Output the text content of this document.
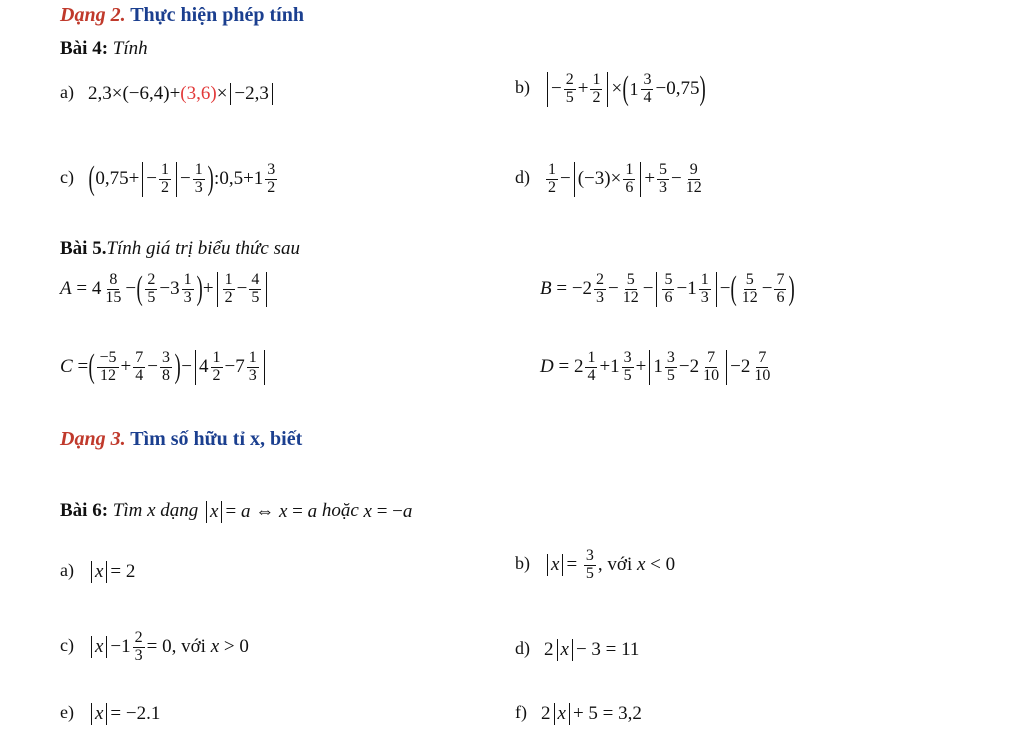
Dạng 2. Thực hiện phép tính
Bài 4: Tính
a) 2,3×(−6,4)+ (3,6) × −2,3	$b) - \frac{2}{5} + \frac{1}{2}$ × ( $1 \frac{3}{4} -0,75$ )
c) ( $0,75+ - \frac{1}{2} - \frac{1}{3}$ ) :0,5+1 $\frac{3}{2}$	$d) \frac{1}{2} - (-3)\times \frac{1}{6} + \frac{5}{3} - \frac{9}{12}$
Bài 5.Tính giá trị biểu thức sau
$A = 4 \frac{8}{15}$ − ( $\frac{2}{5} -3 \frac{1}{3}$ ) + $\frac{1}{2} - \frac{4}{5}$	$B = -2 \frac{2}{3} - \frac{5}{12} - \frac{5}{6} -1 \frac{1}{3}$ − ( $\frac{5}{12} - \frac{7}{6}$ )
C = ( $\frac{-5}{12} + \frac{7}{4} - \frac{3}{8}$ ) − $4 \frac{1}{2} -7 \frac{1}{3}$	$D = 2 \frac{1}{4} +1 \frac{3}{5} + 1 \frac{3}{5} -2 \frac{7}{10} -2 \frac{7}{10}$
Dạng 3. Tìm số hữu tỉ x, biết
Bài 6: Tìm x dạng x = a ⇔ x = a hoặc x = − a
a) x = 2	b) $x = \frac{3}{5}$ , với x < 0
c) $x -1 \frac{2}{3} = 0$, với x > 0	d) 2 x − 3 = 11
e) x = −2.1	f) 2 x + 5 = 3,2
